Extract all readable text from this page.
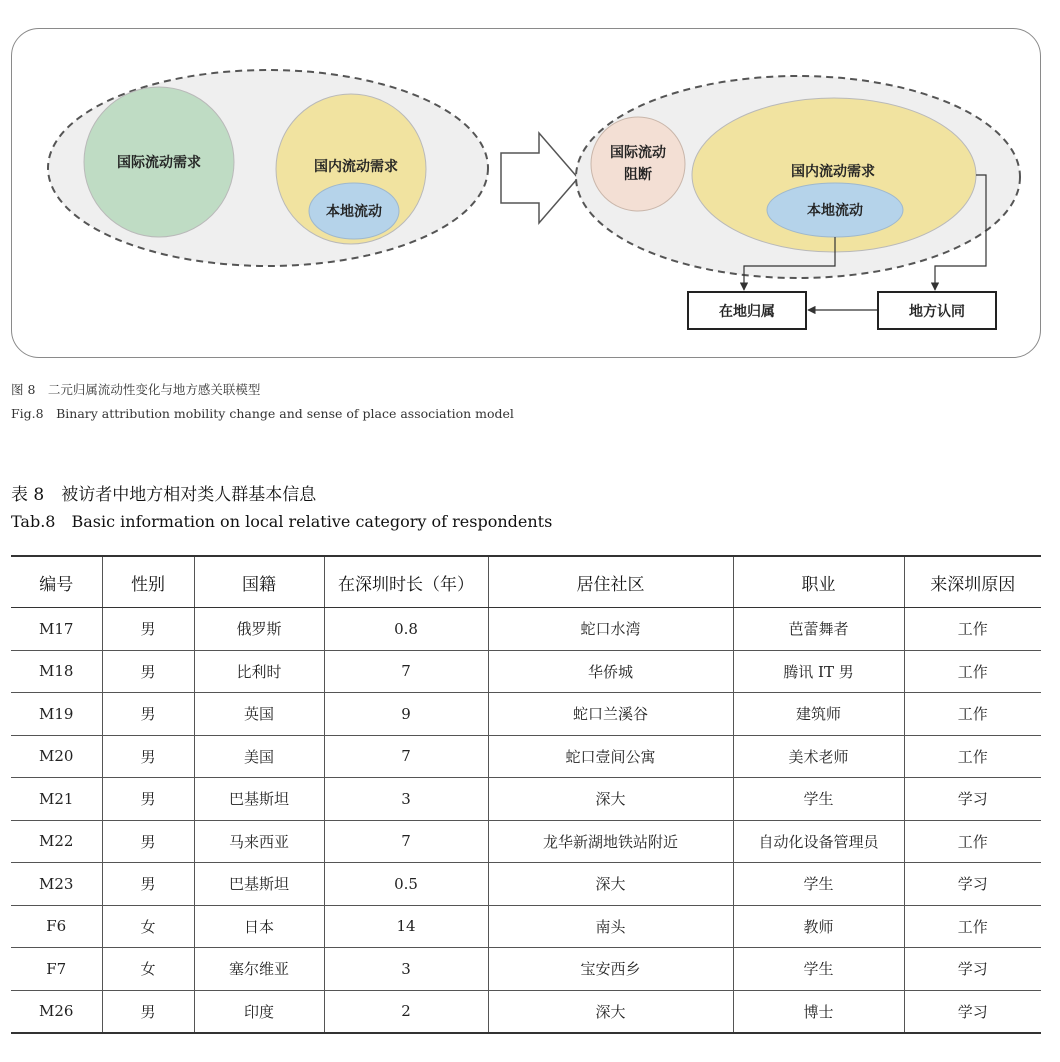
国际流动需求	国内流动需求
本地流动
国际流动
阻断	国内流动需求
本地流动
在地归属	地方认同
图 8　二元归属流动性变化与地方感关联模型
Fig.8　Binary attribution mobility change and sense of place association model
表 8　被访者中地方相对类人群基本信息
Tab.8　Basic information on local relative category of respondents
编号	性别	国籍	在深圳时长（年）	居住社区	职业	来深圳原因
M17	男	俄罗斯	0.8	蛇口水湾	芭蕾舞者	工作
M18	男	比利时	7	华侨城	腾讯 IT 男	工作
M19	男	英国	9	蛇口兰溪谷	建筑师	工作
M20	男	美国	7	蛇口壹间公寓	美术老师	工作
M21	男	巴基斯坦	3	深大	学生	学习
M22	男	马来西亚	7	龙华新湖地铁站附近	自动化设备管理员	工作
M23	男	巴基斯坦	0.5	深大	学生	学习
F6	女	日本	14	南头	教师	工作
F7	女	塞尔维亚	3	宝安西乡	学生	学习
M26	男	印度	2	深大	博士	学习
